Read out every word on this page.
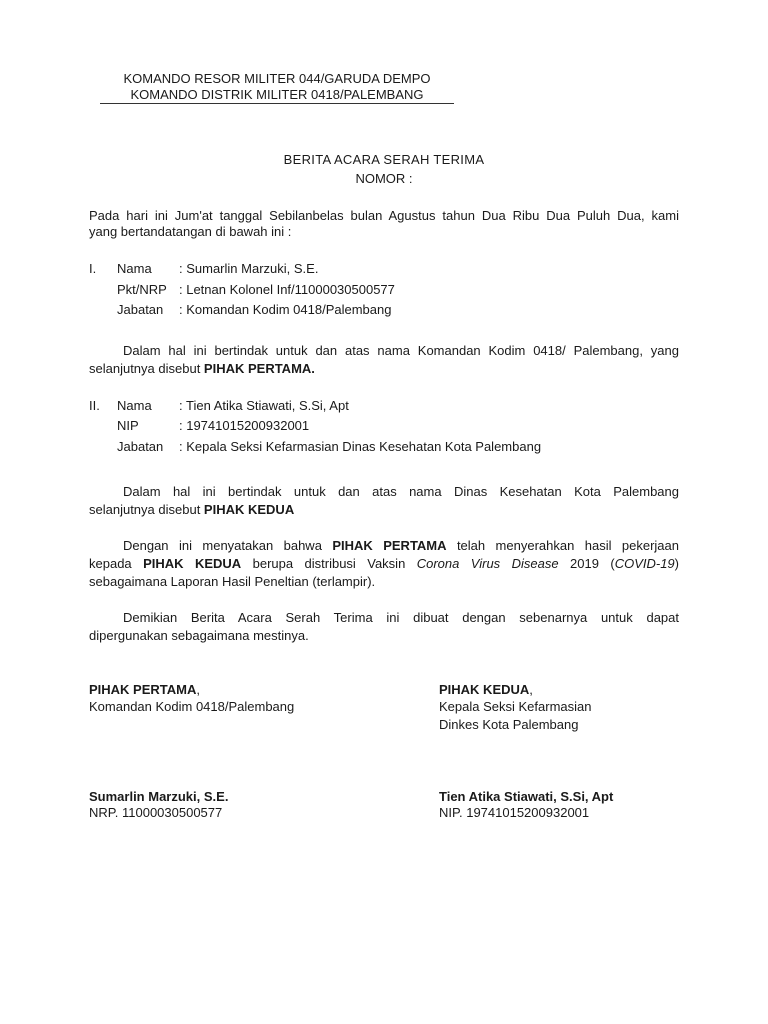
KOMANDO RESOR MILITER 044/GARUDA DEMPO
KOMANDO DISTRIK MILITER 0418/PALEMBANG
BERITA ACARA SERAH TERIMA
NOMOR :
Pada hari ini Jum'at tanggal Sebilanbelas bulan Agustus tahun Dua Ribu Dua Puluh Dua, kami
yang bertandatangan di bawah ini :
I. Nama : Sumarlin Marzuki, S.E.
Pkt/NRP : Letnan Kolonel Inf/11000030500577
Jabatan : Komandan Kodim 0418/Palembang
Dalam hal ini bertindak untuk dan atas nama Komandan Kodim 0418/ Palembang, yang
selanjutnya disebut PIHAK PERTAMA.
II. Nama : Tien Atika Stiawati, S.Si, Apt
NIP	: 19741015200932001
Jabatan : Kepala Seksi Kefarmasian Dinas Kesehatan Kota Palembang
Dalam hal ini bertindak untuk dan atas nama Dinas Kesehatan Kota Palembang
selanjutnya disebut PIHAK KEDUA
Dengan ini menyatakan bahwa PIHAK PERTAMA telah menyerahkan hasil pekerjaan
kepada PIHAK KEDUA berupa distribusi Vaksin Corona Virus Disease 2019 (COVID-19)
sebagaimana Laporan Hasil Peneltian (terlampir).
Demikian Berita Acara Serah Terima ini dibuat dengan sebenarnya untuk dapat
dipergunakan sebagaimana mestinya.
PIHAK PERTAMA,
Komandan Kodim 0418/Palembang
Sumarlin Marzuki, S.E.
NRP. 11000030500577
PIHAK KEDUA,
Kepala Seksi Kefarmasian
Dinkes Kota Palembang
Tien Atika Stiawati, S.Si, Apt
NIP. 19741015200932001
